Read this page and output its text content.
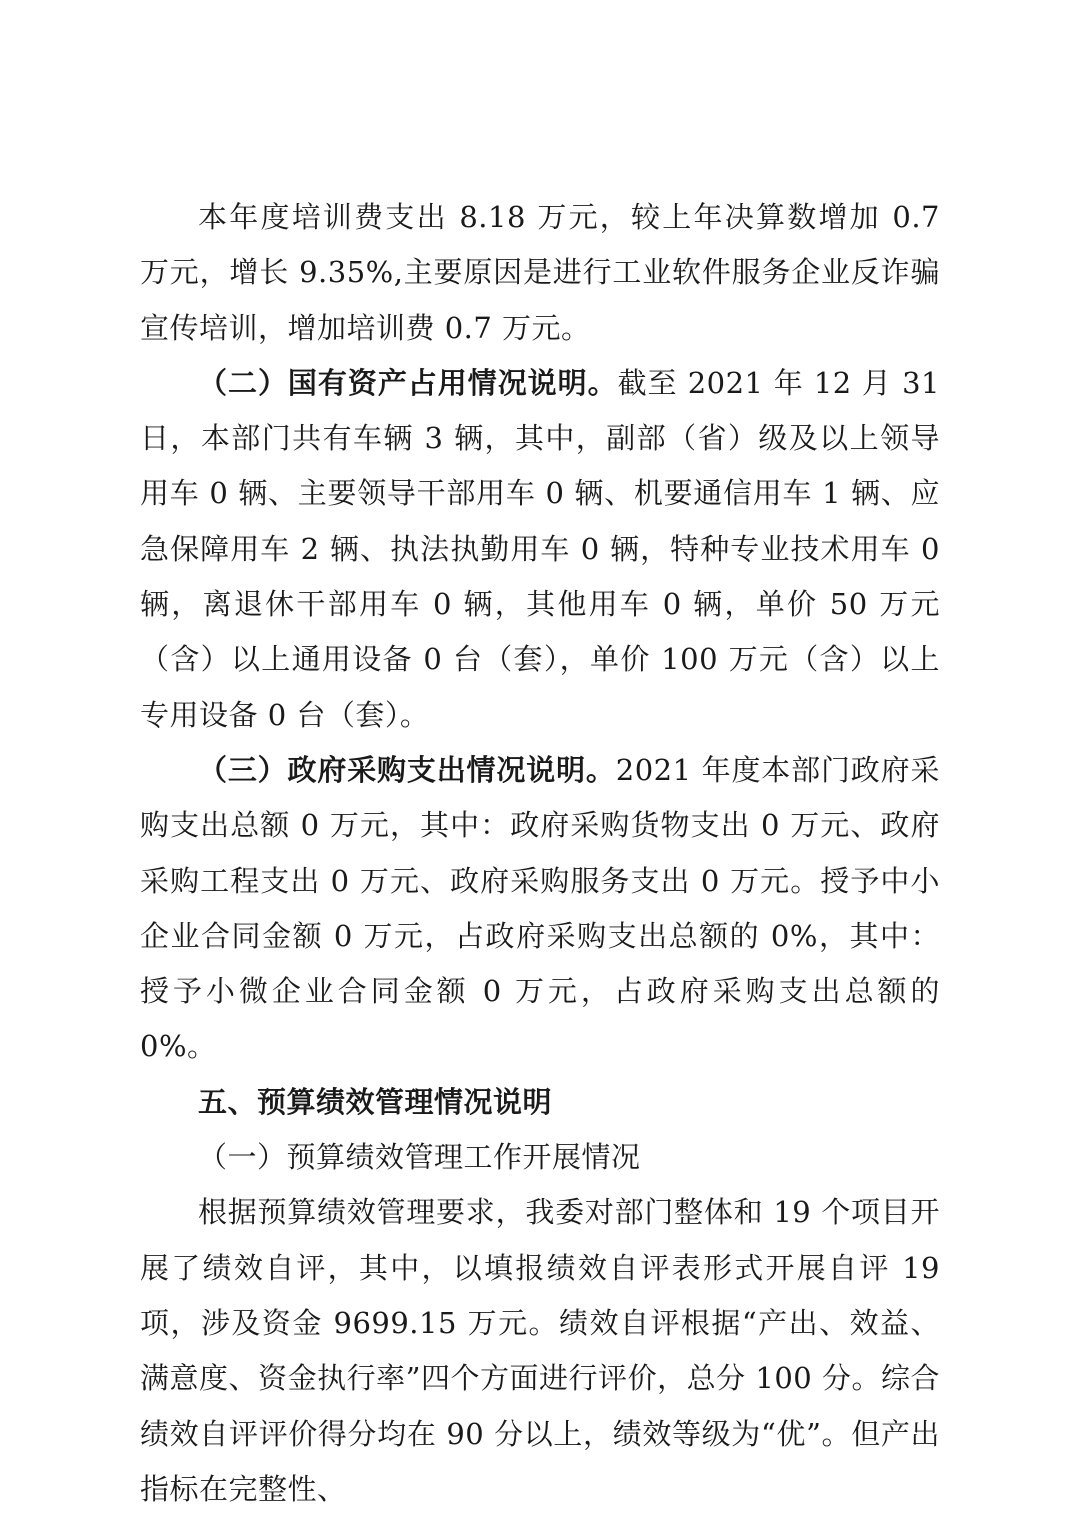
本年度培训费支出 8.18 万元，较上年决算数增加 0.7 万元，增长 9.35%,主要原因是进行工业软件服务企业反诈骗宣传培训，增加培训费 0.7 万元。

（二）国有资产占用情况说明。截至 2021 年 12 月 31 日，本部门共有车辆 3 辆，其中，副部（省）级及以上领导用车 0 辆、主要领导干部用车 0 辆、机要通信用车 1 辆、应急保障用车 2 辆、执法执勤用车 0 辆，特种专业技术用车 0 辆，离退休干部用车 0 辆，其他用车 0 辆，单价 50 万元（含）以上通用设备 0 台（套），单价 100 万元（含）以上专用设备 0 台（套）。

（三）政府采购支出情况说明。2021 年度本部门政府采购支出总额 0 万元，其中：政府采购货物支出 0 万元、政府采购工程支出 0 万元、政府采购服务支出 0 万元。授予中小企业合同金额 0 万元，占政府采购支出总额的 0%，其中：授予小微企业合同金额 0 万元，占政府采购支出总额的 0%。

五、预算绩效管理情况说明

（一）预算绩效管理工作开展情况

根据预算绩效管理要求，我委对部门整体和 19 个项目开展了绩效自评，其中，以填报绩效自评表形式开展自评 19 项，涉及资金 9699.15 万元。绩效自评根据“产出、效益、满意度、资金执行率”四个方面进行评价，总分 100 分。综合绩效自评评价得分均在 90 分以上，绩效等级为“优”。但产出指标在完整性、
